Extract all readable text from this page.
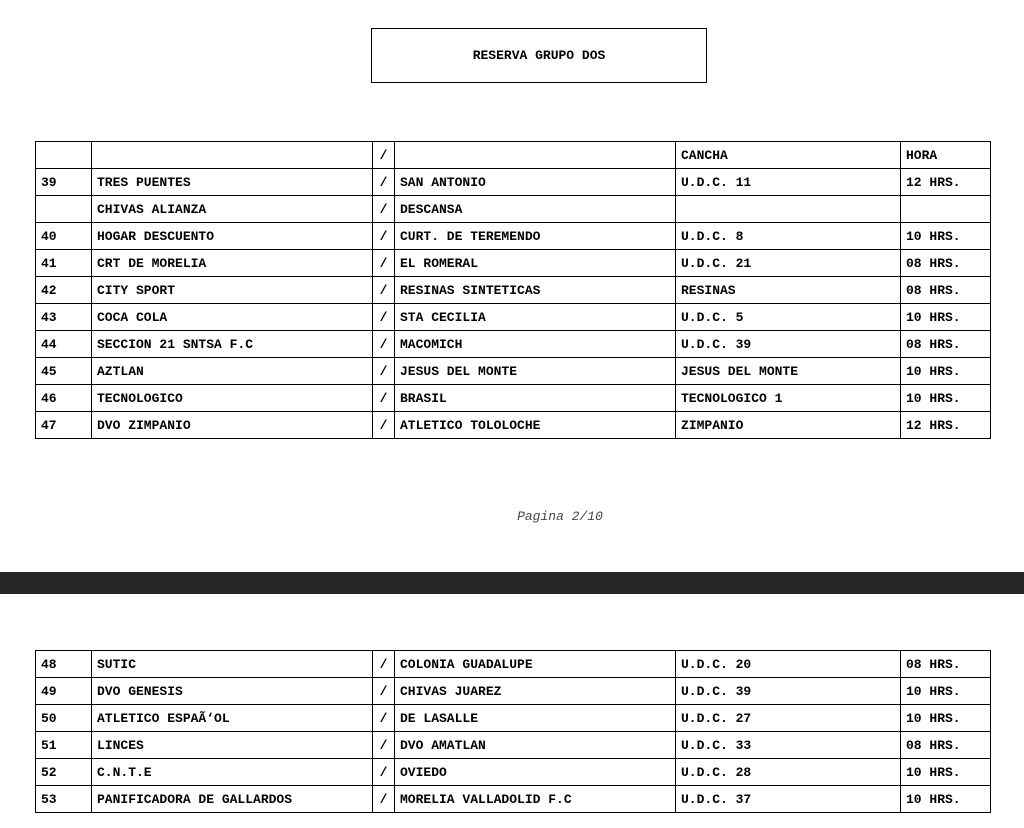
RESERVA GRUPO DOS
		/		CANCHA	HORA
39	TRES PUENTES	/	SAN ANTONIO	U.D.C. 11	12 HRS.
	CHIVAS ALIANZA	/	DESCANSA		
40	HOGAR DESCUENTO	/	CURT. DE TEREMENDO	U.D.C. 8	10 HRS.
41	CRT DE MORELIA	/	EL ROMERAL	U.D.C. 21	08 HRS.
42	CITY SPORT	/	RESINAS SINTETICAS	RESINAS	08 HRS.
43	COCA COLA	/	STA CECILIA	U.D.C. 5	10 HRS.
44	SECCION 21 SNTSA F.C	/	MACOMICH	U.D.C. 39	08 HRS.
45	AZTLAN	/	JESUS DEL MONTE	JESUS DEL MONTE	10 HRS.
46	TECNOLOGICO	/	BRASIL	TECNOLOGICO 1	10 HRS.
47	DVO ZIMPANIO	/	ATLETICO TOLOLOCHE	ZIMPANIO	12 HRS.
Pagina 2/10
48	SUTIC	/	COLONIA GUADALUPE	U.D.C. 20	08 HRS.
49	DVO GENESIS	/	CHIVAS JUAREZ	U.D.C. 39	10 HRS.
50	ATLETICO ESPAÃ‘OL	/	DE LASALLE	U.D.C. 27	10 HRS.
51	LINCES	/	DVO AMATLAN	U.D.C. 33	08 HRS.
52	C.N.T.E	/	OVIEDO	U.D.C. 28	10 HRS.
53	PANIFICADORA DE GALLARDOS	/	MORELIA VALLADOLID F.C	U.D.C. 37	10 HRS.
